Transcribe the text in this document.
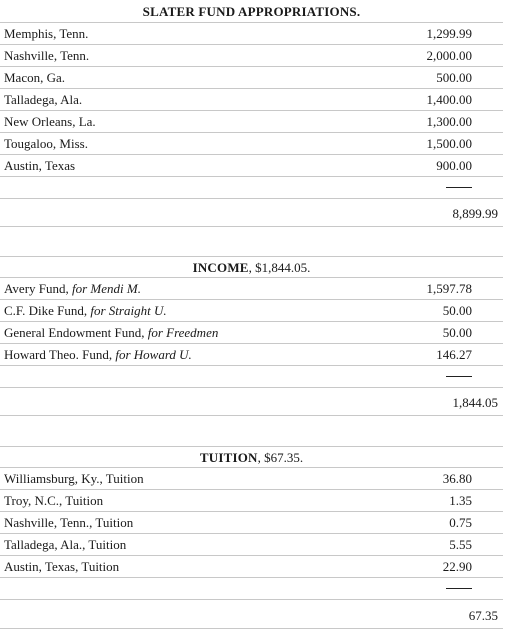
SLATER FUND APPROPRIATIONS.
Memphis, Tenn.	1,299.99
Nashville, Tenn.	2,000.00
Macon, Ga.	500.00
Talladega, Ala.	1,400.00
New Orleans, La.	1,300.00
Tougaloo, Miss.	1,500.00
Austin, Texas	900.00
8,899.99
INCOME, $1,844.05.
Avery Fund, for Mendi M.	1,597.78
C.F. Dike Fund, for Straight U.	50.00
General Endowment Fund, for Freedmen	50.00
Howard Theo. Fund, for Howard U.	146.27
1,844.05
TUITION, $67.35.
Williamsburg, Ky., Tuition	36.80
Troy, N.C., Tuition	1.35
Nashville, Tenn., Tuition	0.75
Talladega, Ala., Tuition	5.55
Austin, Texas, Tuition	22.90
67.35
